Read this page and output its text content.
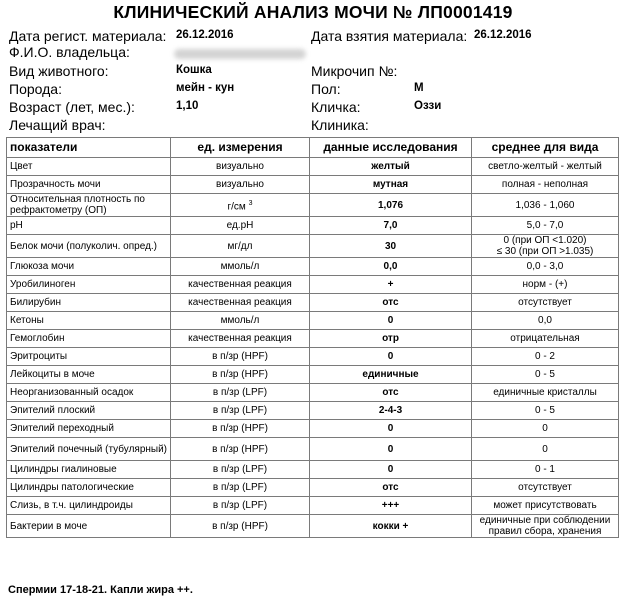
КЛИНИЧЕСКИЙ АНАЛИЗ МОЧИ № ЛП0001419
Дата регист. материала: 26.12.2016	Дата взятия материала: 26.12.2016
Ф.И.О. владельца:
Вид животного:	Кошка	Микрочип №:
Порода:	мейн - кун	Пол:	М
Возраст (лет, мес.):	1,10	Кличка:	Оззи
Лечащий врач:	Клиника:
показатели	ед. измерения	данные исследования	среднее для вида
Цвет	визуально	желтый	светло-желтый - желтый
Прозрачность мочи	визуально	мутная	полная - неполная
Относительная плотность по рефрактометру (ОП)	г/см $^3$	1,076	1,036 - 1,060
pH	ед.pH	7,0	5,0 - 7,0
Белок мочи (полуколич. опред.)	мг/дл	30	0 (при ОП <1.020)
≤ 30 (при ОП >1.035)
Глюкоза мочи	ммоль/л	0,0	0,0 - 3,0
Уробилиноген	качественная реакция	+	норм - (+)
Билирубин	качественная реакция	отс	отсутствует
Кетоны	ммоль/л	0	0,0
Гемоглобин	качественная реакция	отр	отрицательная
Эритроциты	в п/зр (HPF)	0	0 - 2
Лейкоциты в моче	в п/зр (HPF)	единичные	0 - 5
Неорганизованный осадок	в п/зр (LPF)	отс	единичные кристаллы
Эпителий плоский	в п/зр (LPF)	2-4-3	0 - 5
Эпителий переходный	в п/зр (HPF)	0	0
Эпителий почечный (тубулярный)	в п/зр (HPF)	0	0
Цилиндры гиалиновые	в п/зр (LPF)	0	0 - 1
Цилиндры патологические	в п/зр (LPF)	отс	отсутствует
Слизь, в т.ч. цилиндроиды	в п/зр (LPF)	+++	может присутствовать
Бактерии в моче	в п/зр (HPF)	кокки +	единичные при соблюдении
правил сбора, хранения
Спермии 17-18-21. Капли жира ++.
